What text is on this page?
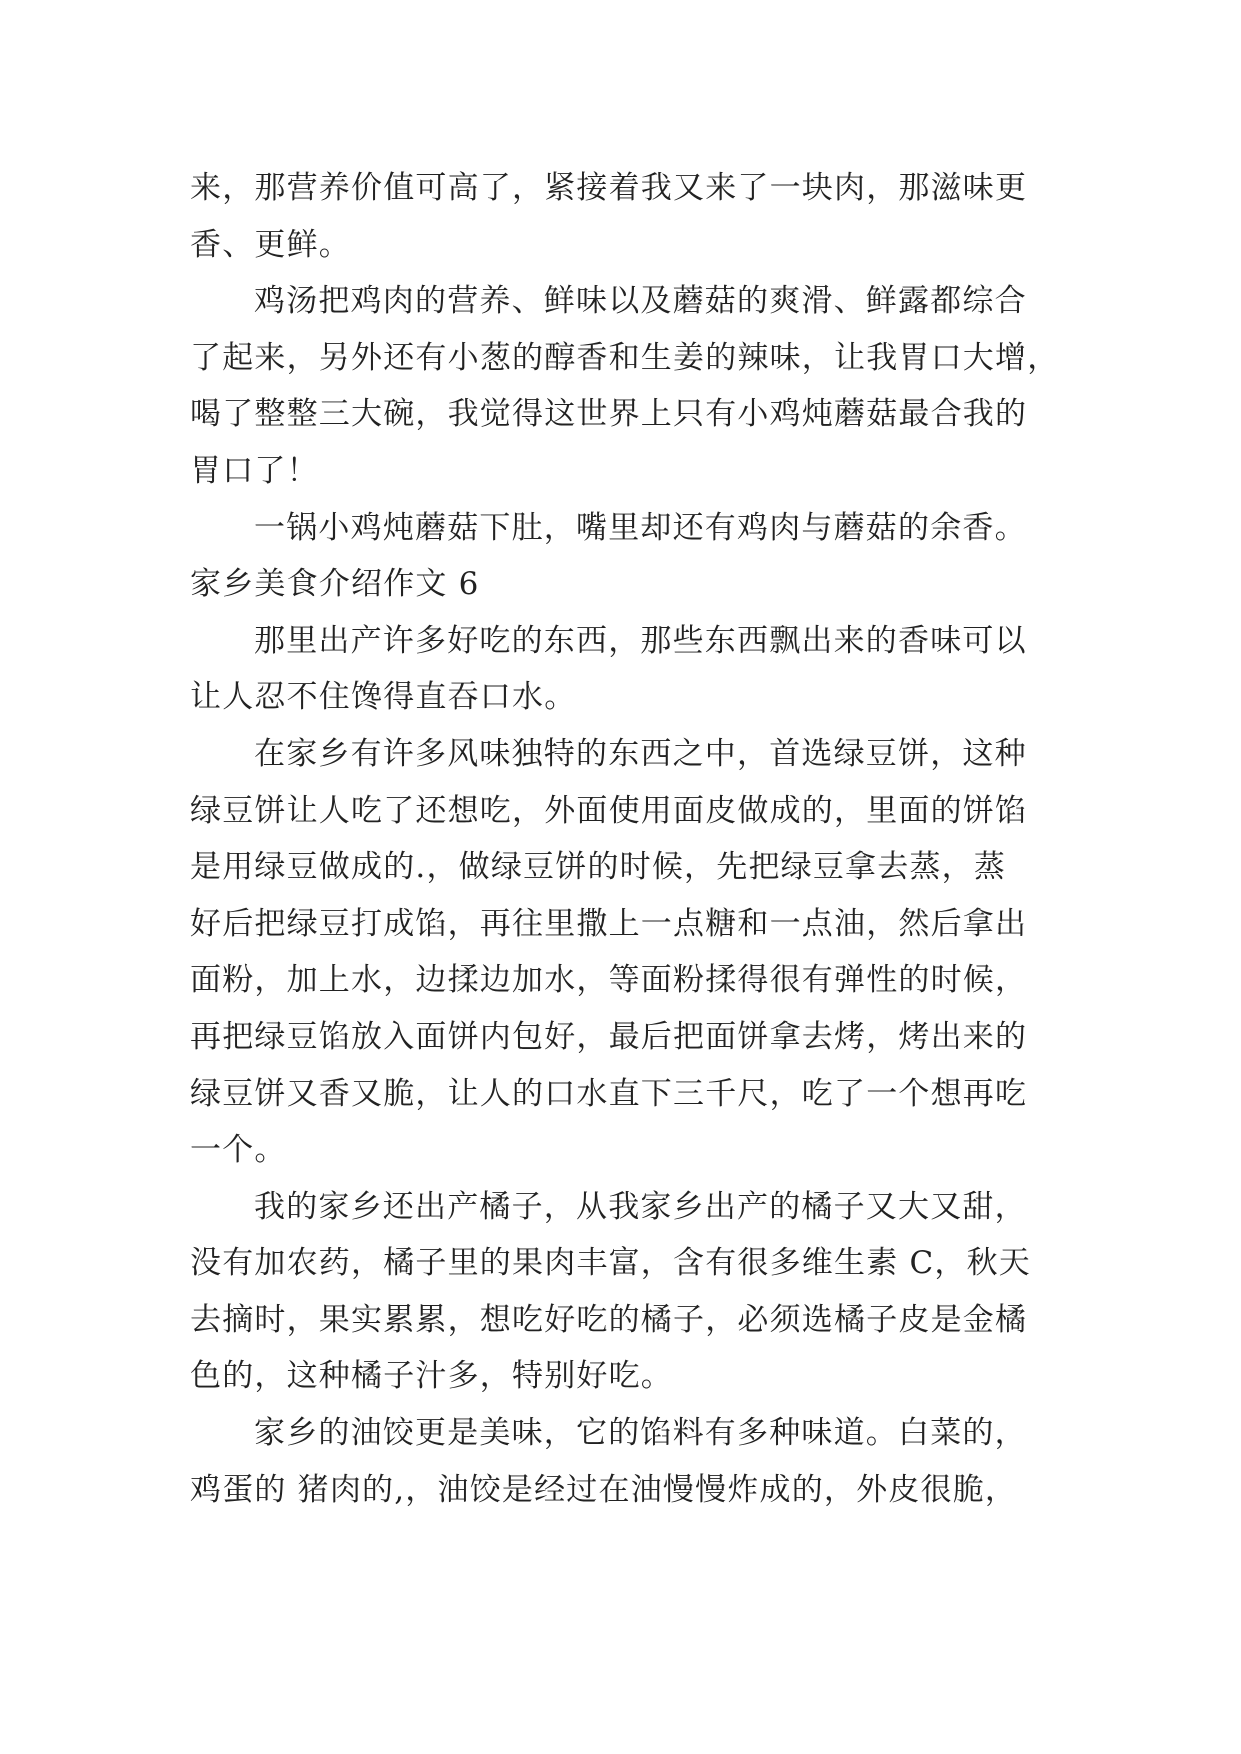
来，那营养价值可高了，紧接着我又来了一块肉，那滋味更
香、更鲜。
鸡汤把鸡肉的营养、鲜味以及蘑菇的爽滑、鲜露都综合
了起来，另外还有小葱的醇香和生姜的辣味，让我胃口大增，
喝了整整三大碗，我觉得这世界上只有小鸡炖蘑菇最合我的
胃口了！
一锅小鸡炖蘑菇下肚，嘴里却还有鸡肉与蘑菇的余香。
家乡美食介绍作文 6
那里出产许多好吃的东西，那些东西飘出来的香味可以
让人忍不住馋得直吞口水。
在家乡有许多风味独特的东西之中，首选绿豆饼，这种
绿豆饼让人吃了还想吃，外面使用面皮做成的，里面的饼馅
是用绿豆做成的.，做绿豆饼的时候，先把绿豆拿去蒸，蒸
好后把绿豆打成馅，再往里撒上一点糖和一点油，然后拿出
面粉，加上水，边揉边加水，等面粉揉得很有弹性的时候，
再把绿豆馅放入面饼内包好，最后把面饼拿去烤，烤出来的
绿豆饼又香又脆，让人的口水直下三千尺，吃了一个想再吃
一个。
我的家乡还出产橘子，从我家乡出产的橘子又大又甜，
没有加农药，橘子里的果肉丰富，含有很多维生素 C，秋天
去摘时，果实累累，想吃好吃的橘子，必须选橘子皮是金橘
色的，这种橘子汁多，特别好吃。
家乡的油饺更是美味，它的馅料有多种味道。白菜的，
鸡蛋的 猪肉的,，油饺是经过在油慢慢炸成的，外皮很脆，
